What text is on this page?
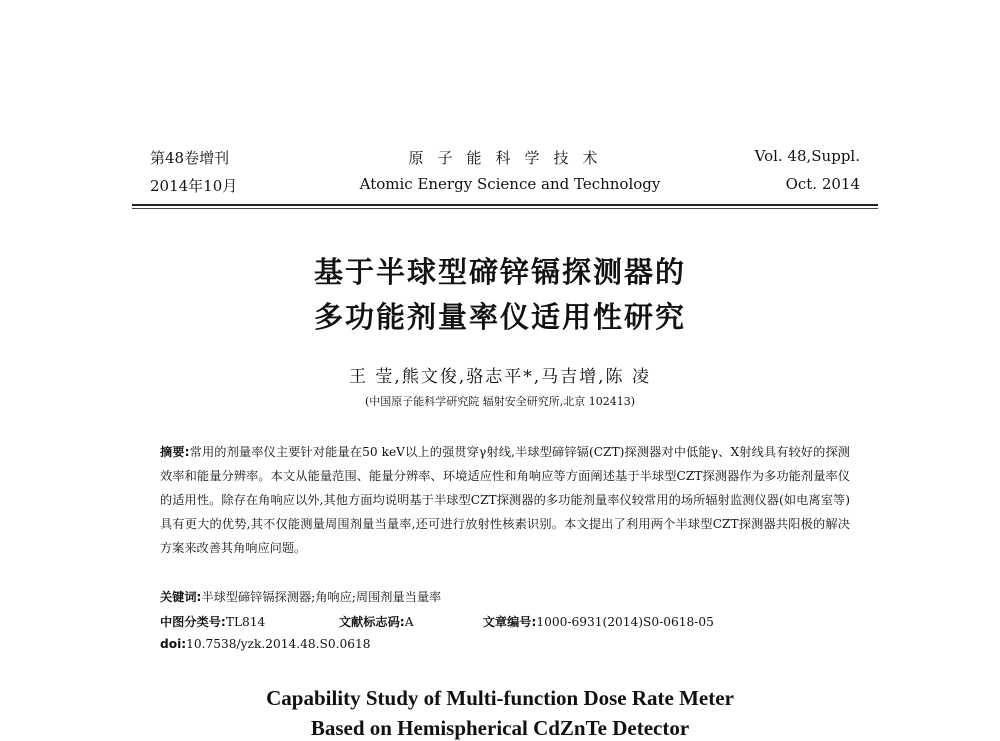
第48卷增刊
2014年10月
原子能科学技术
Atomic Energy Science and Technology
Vol. 48,Suppl.
Oct. 2014
基于半球型碲锌镉探测器的
多功能剂量率仪适用性研究
王 莹,熊文俊,骆志平*,马吉增,陈 凌
(中国原子能科学研究院 辐射安全研究所,北京 102413)
摘要:常用的剂量率仪主要针对能量在50 keV以上的强贯穿γ射线,半球型碲锌镉(CZT)探测器对中低能γ、X射线具有较好的探测效率和能量分辨率。本文从能量范围、能量分辨率、环境适应性和角响应等方面阐述基于半球型CZT探测器作为多功能剂量率仪的适用性。除存在角响应以外,其他方面均说明基于半球型CZT探测器的多功能剂量率仪较常用的场所辐射监测仪器(如电离室等)具有更大的优势,其不仅能测量周围剂量当量率,还可进行放射性核素识别。本文提出了利用两个半球型CZT探测器共阳极的解决方案来改善其角响应问题。
关键词:半球型碲锌镉探测器;角响应;周围剂量当量率
中图分类号:TL814	文献标志码:A	文章编号:1000-6931(2014)S0-0618-05
doi:10.7538/yzk.2014.48.S0.0618
Capability Study of Multi-function Dose Rate Meter
Based on Hemispherical CdZnTe Detector
